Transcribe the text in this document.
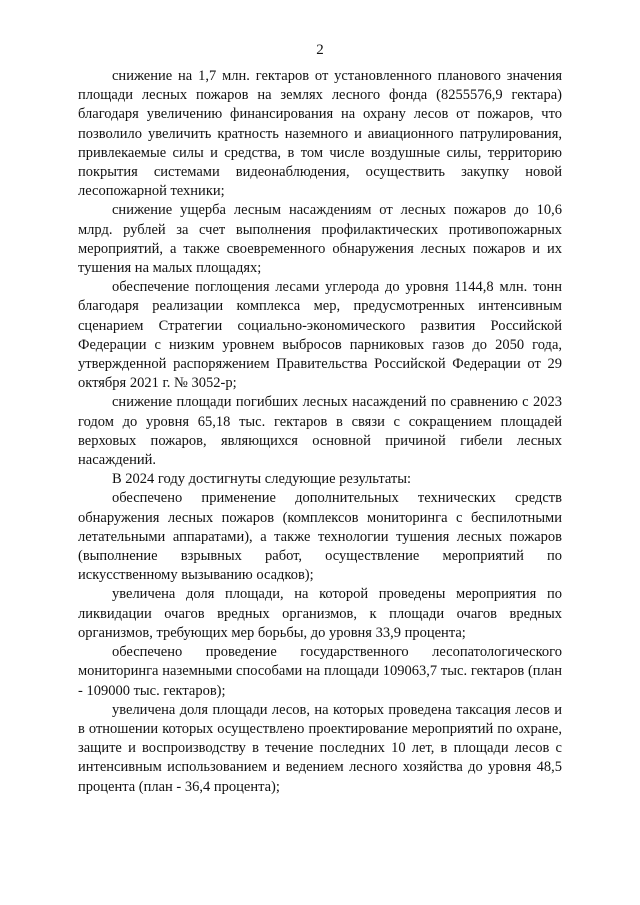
2

снижение на 1,7 млн. гектаров от установленного планового значения площади лесных пожаров на землях лесного фонда (8255576,9 гектара) благодаря увеличению финансирования на охрану лесов от пожаров, что позволило увеличить кратность наземного и авиационного патрулирования, привлекаемые силы и средства, в том числе воздушные силы, территорию покрытия системами видеонаблюдения, осуществить закупку новой лесопожарной техники;

снижение ущерба лесным насаждениям от лесных пожаров до 10,6 млрд. рублей за счет выполнения профилактических противопожарных мероприятий, а также своевременного обнаружения лесных пожаров и их тушения на малых площадях;

обеспечение поглощения лесами углерода до уровня 1144,8 млн. тонн благодаря реализации комплекса мер, предусмотренных интенсивным сценарием Стратегии социально-экономического развития Российской Федерации с низким уровнем выбросов парниковых газов до 2050 года, утвержденной распоряжением Правительства Российской Федерации от 29 октября 2021 г. № 3052-р;

снижение площади погибших лесных насаждений по сравнению с 2023 годом до уровня 65,18 тыс. гектаров в связи с сокращением площадей верховых пожаров, являющихся основной причиной гибели лесных насаждений.

В 2024 году достигнуты следующие результаты:

обеспечено применение дополнительных технических средств обнаружения лесных пожаров (комплексов мониторинга с беспилотными летательными аппаратами), а также технологии тушения лесных пожаров (выполнение взрывных работ, осуществление мероприятий по искусственному вызыванию осадков);

увеличена доля площади, на которой проведены мероприятия по ликвидации очагов вредных организмов, к площади очагов вредных организмов, требующих мер борьбы, до уровня 33,9 процента;

обеспечено проведение государственного лесопатологического мониторинга наземными способами на площади 109063,7 тыс. гектаров (план - 109000 тыс. гектаров);

увеличена доля площади лесов, на которых проведена таксация лесов и в отношении которых осуществлено проектирование мероприятий по охране, защите и воспроизводству в течение последних 10 лет, в площади лесов с интенсивным использованием и ведением лесного хозяйства до уровня 48,5 процента (план - 36,4 процента);
